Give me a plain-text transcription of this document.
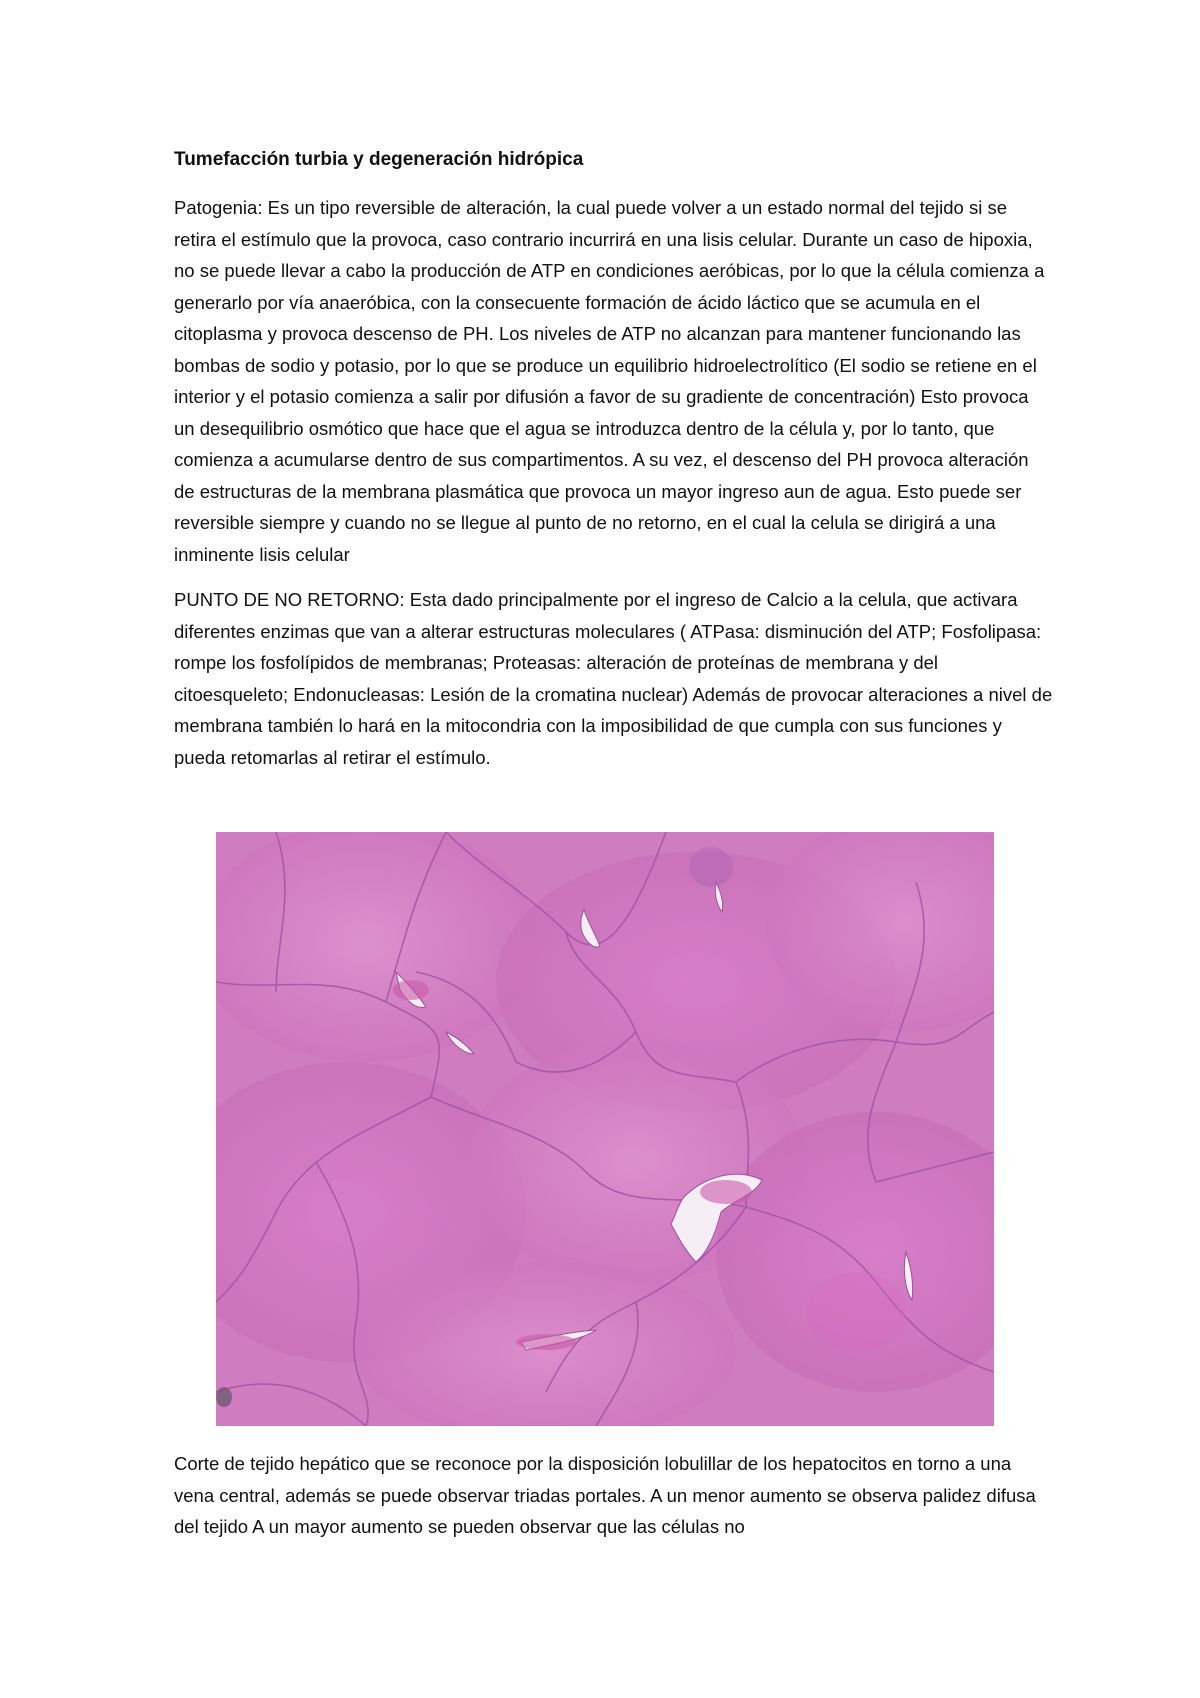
Tumefacción turbia y degeneración hidrópica

Patogenia: Es un tipo reversible de alteración, la cual puede volver a un estado normal del tejido si se retira el estímulo que la provoca, caso contrario incurrirá en una lisis celular. Durante un caso de hipoxia, no se puede llevar a cabo la producción de ATP en condiciones aeróbicas, por lo que la célula comienza a generarlo por vía anaeróbica, con la consecuente formación de ácido láctico que se acumula en el citoplasma y provoca descenso de PH. Los niveles de ATP no alcanzan para mantener funcionando las bombas de sodio y potasio, por lo que se produce un equilibrio hidroelectrolítico (El sodio se retiene en el interior y el potasio comienza a salir por difusión a favor de su gradiente de concentración) Esto provoca un desequilibrio osmótico que hace que el agua se introduzca dentro de la célula y, por lo tanto, que comienza a acumularse dentro de sus compartimentos. A su vez, el descenso del PH provoca alteración de estructuras de la membrana plasmática que provoca un mayor ingreso aun de agua. Esto puede ser reversible siempre y cuando no se llegue al punto de no retorno, en el cual la celula se dirigirá a una inminente lisis celular

PUNTO DE NO RETORNO: Esta dado principalmente por el ingreso de Calcio a la celula, que activara diferentes enzimas que van a alterar estructuras moleculares ( ATPasa: disminución del ATP; Fosfolipasa: rompe los fosfolípidos de membranas; Proteasas: alteración de proteínas de membrana y del citoesqueleto; Endonucleasas: Lesión de la cromatina nuclear) Además de provocar alteraciones a nivel de membrana también lo hará en la mitocondria con la imposibilidad de que cumpla con sus funciones y pueda retomarlas al retirar el estímulo.

Corte de tejido hepático que se reconoce por la disposición lobulillar de los hepatocitos en torno a una vena central, además se puede observar triadas portales. A un menor aumento se observa palidez difusa del tejido A un mayor aumento se pueden observar que las células no
